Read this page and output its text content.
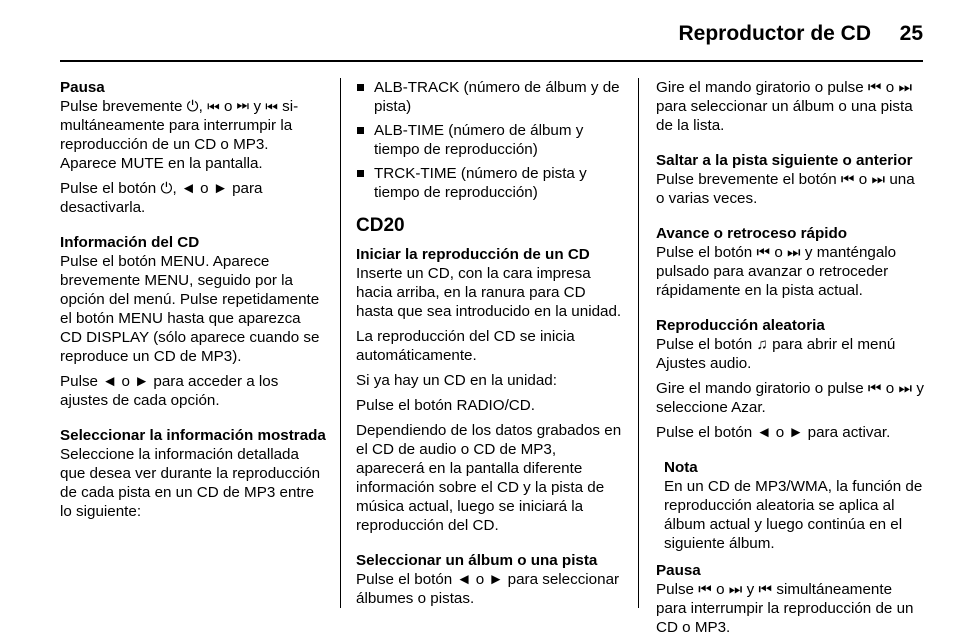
Reproductor de CD 25
Pausa

Pulse brevemente ⏻, ⏮ o ⏭ y ⏮ si-multáneamente para interrumpir la reproducción de un CD o MP3. Aparece MUTE en la pantalla.

Pulse el botón ⏻, ◄ o ► para desactivarla.

Información del CD

Pulse el botón MENU. Aparece brevemente MENU, seguido por la opción del menú. Pulse repetidamente el botón MENU hasta que aparezca CD DISPLAY (sólo aparece cuando se reproduce un CD de MP3).

Pulse ◄ o ► para acceder a los ajustes de cada opción.

Seleccionar la información mostrada

Seleccione la información detallada que desea ver durante la reproducción de cada pista en un CD de MP3 entre lo siguiente:

ALB-TRACK (número de álbum y de pista)
ALB-TIME (número de álbum y tiempo de reproducción)
TRCK-TIME (número de pista y tiempo de reproducción)
CD20
Iniciar la reproducción de un CD

Inserte un CD, con la cara impresa hacia arriba, en la ranura para CD hasta que sea introducido en la unidad.

La reproducción del CD se inicia automáticamente.

Si ya hay un CD en la unidad:

Pulse el botón RADIO/CD.

Dependiendo de los datos grabados en el CD de audio o CD de MP3, aparecerá en la pantalla diferente información sobre el CD y la pista de música actual, luego se iniciará la reproducción del CD.

Seleccionar un álbum o una pista

Pulse el botón ◄ o ► para seleccionar álbumes o pistas.

Gire el mando giratorio o pulse ⏮ o ⏭ para seleccionar un álbum o una pista de la lista.

Saltar a la pista siguiente o anterior

Pulse brevemente el botón ⏮ o ⏭ una o varias veces.

Avance o retroceso rápido

Pulse el botón ⏮ o ⏭ y manténgalo pulsado para avanzar o retroceder rápidamente en la pista actual.

Reproducción aleatoria

Pulse el botón ♫ para abrir el menú Ajustes audio.

Gire el mando giratorio o pulse ⏮ o ⏭ y seleccione Azar.

Pulse el botón ◄ o ► para activar.

Nota

En un CD de MP3/WMA, la función de reproducción aleatoria se aplica al álbum actual y luego continúa en el siguiente álbum.

Pausa

Pulse ⏮ o ⏭ y ⏮ simultáneamente para interrumpir la reproducción de un CD o MP3.
